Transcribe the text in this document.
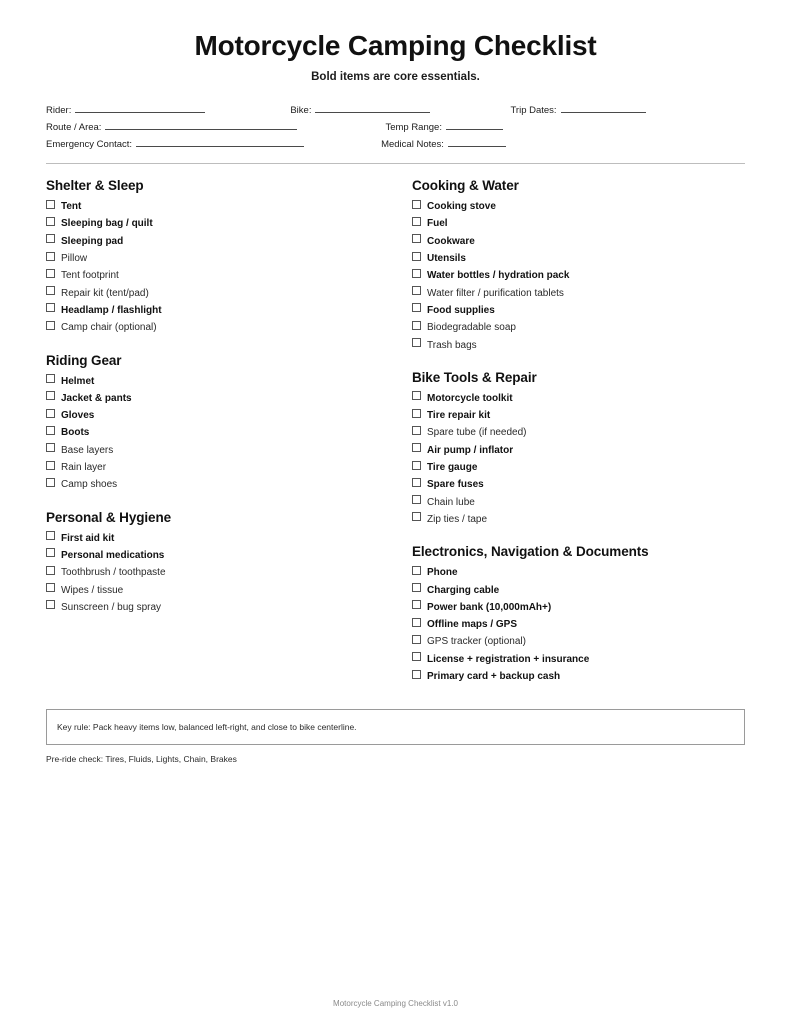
Motorcycle Camping Checklist

Bold items are core essentials.

Rider:	Bike:	Trip Dates:
Route / Area:	Temp Range:
Emergency Contact:	Medical Notes:
Shelter & Sleep
Tent
Sleeping bag / quilt
Sleeping pad
Pillow
Tent footprint
Repair kit (tent/pad)
Headlamp / flashlight
Camp chair (optional)
Riding Gear
Helmet
Jacket & pants
Gloves
Boots
Base layers
Rain layer
Camp shoes
Personal & Hygiene
First aid kit
Personal medications
Toothbrush / toothpaste
Wipes / tissue
Sunscreen / bug spray
Cooking & Water
Cooking stove
Fuel
Cookware
Utensils
Water bottles / hydration pack
Water filter / purification tablets
Food supplies
Biodegradable soap
Trash bags
Bike Tools & Repair
Motorcycle toolkit
Tire repair kit
Spare tube (if needed)
Air pump / inflator
Tire gauge
Spare fuses
Chain lube
Zip ties / tape
Electronics, Navigation & Documents
Phone
Charging cable
Power bank (10,000mAh+)
Offline maps / GPS
GPS tracker (optional)
License + registration + insurance
Primary card + backup cash
Key rule: Pack heavy items low, balanced left-right, and close to bike centerline.
Pre-ride check: Tires, Fluids, Lights, Chain, Brakes
Motorcycle Camping Checklist v1.0
